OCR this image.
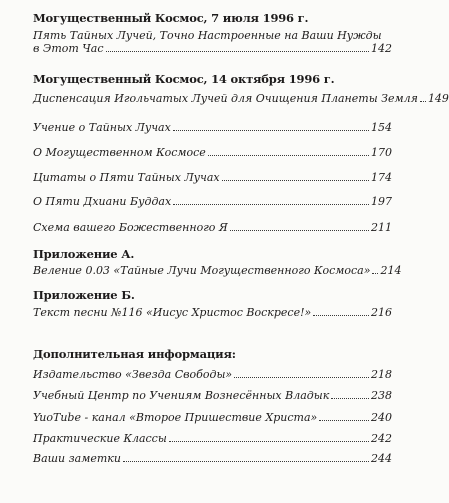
Могущественный Космос, 7 июля 1996 г.
Пять Тайных Лучей, Точно Настроенные на Ваши Нужды
в Этот Час	142
Могущественный Космос, 14 октября 1996 г.
Диспенсация Игольчатых Лучей для Очищения Планеты Земля 149
Учение о Тайных Лучах	154
О Могущественном Космосе	170
Цитаты о Пяти Тайных Лучах	174
О Пяти Дхиани Буддах	197
Схема вашего Божественного Я	211
Приложение А.
Веление 0.03 «Тайные Лучи Могущественного Космоса» 214
Приложение Б.
Текст песни №116 «Иисус Христос Воскресе!»	216
Дополнительная информация:
Издательство «Звезда Свободы»	218
Учебный Центр по Учениям Вознесённых Владык	238
YuoTube - канал «Второе Пришествие Христа»	240
Практические Классы	242
Ваши заметки	244
